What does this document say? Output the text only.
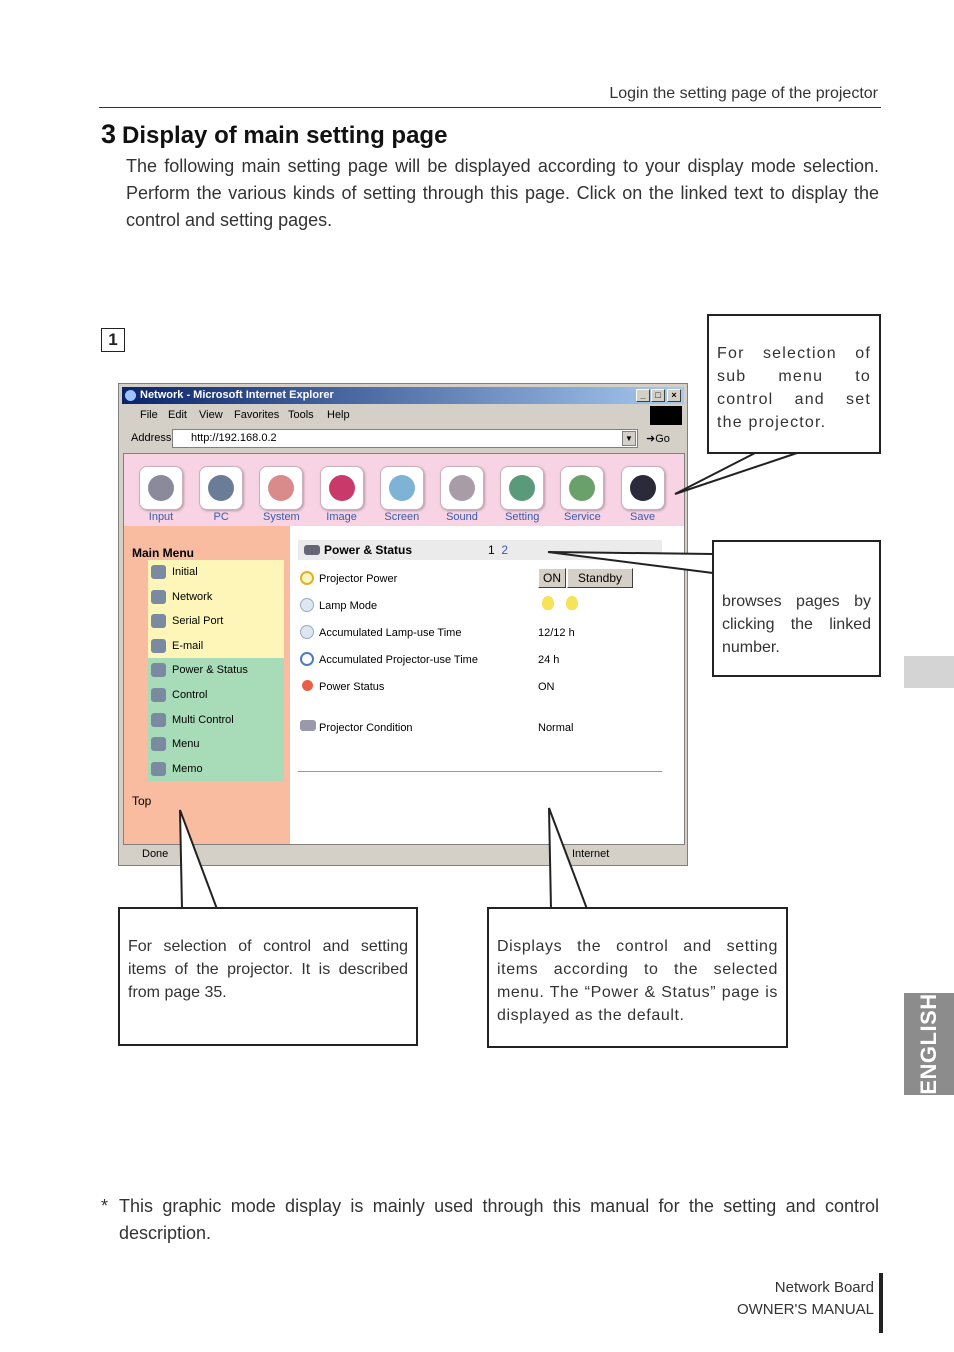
Login the setting page of the projector
3 Display of main setting page
The following main setting page will be displayed according to your display mode selection. Perform the various kinds of setting through this page. Click on the linked text to display the control and setting pages.
1
Network - Microsoft Internet Explorer	_	□	×
File Edit View Favorites Tools Help
Address	http://192.168.0.2	▼ ➜Go
Input	PC	System	Image	Screen	Sound	Setting	Service	Save
Main Menu
Initial
Network
Serial Port
E-mail
Power & Status
Control
Multi Control
Menu
Memo
Top
Power & Status	1 2
Projector Power	ON	Standby
Lamp Mode
Accumulated Lamp-use Time	12/12 h
Accumulated Projector-use Time	24 h
Power Status	ON
Projector Condition	Normal
Done	Internet
For selection of sub menu to control and set the projector.
browses pages by clicking the linked number.
For selection of control and setting items of the projector. It is described from page 35.
Displays the control and setting items according to the selected menu. The “Power & Status” page is displayed as the default.	ENGLISH
* This graphic mode display is mainly used through this manual for the setting and control description.
Network Board
OWNER'S MANUAL
